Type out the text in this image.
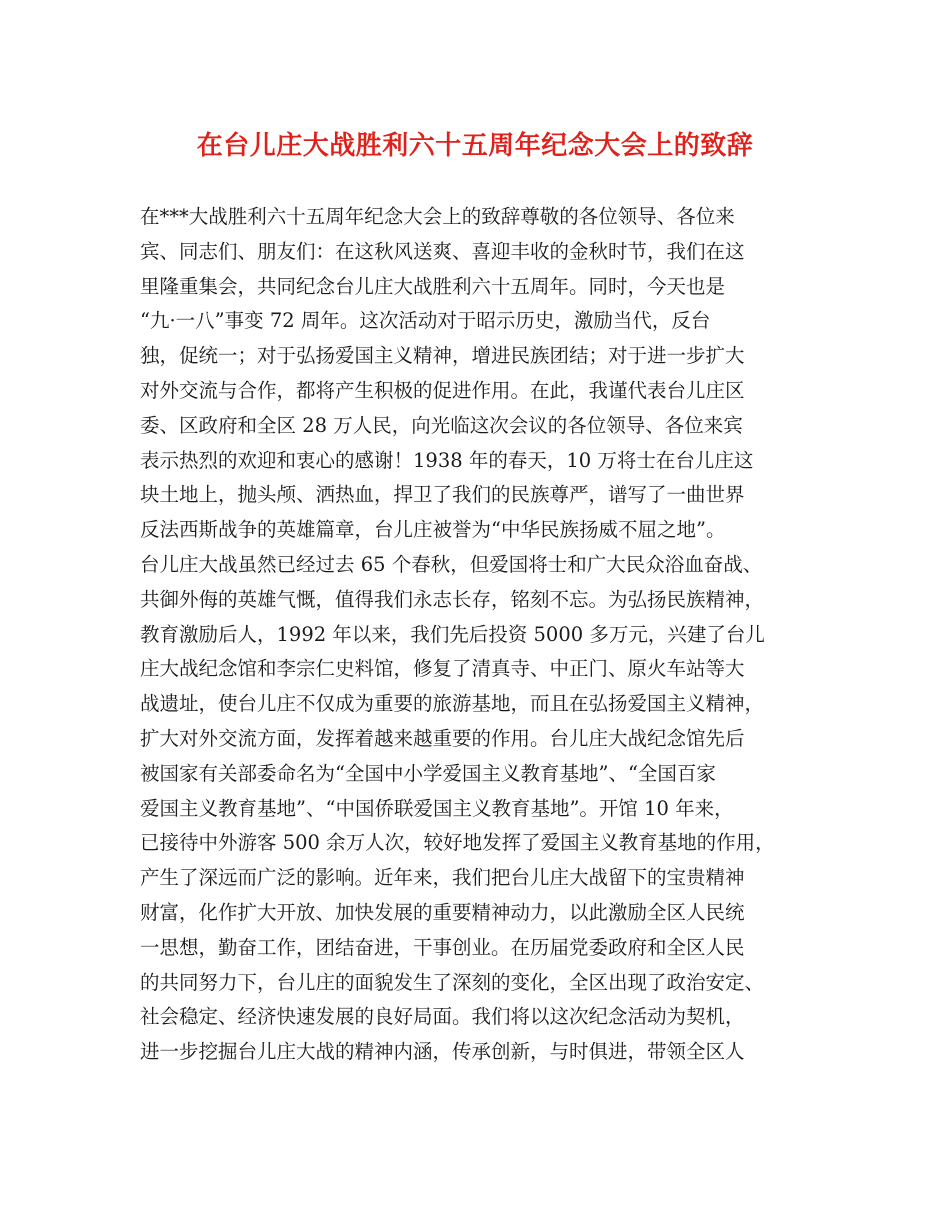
在台儿庄大战胜利六十五周年纪念大会上的致辞
在***大战胜利六十五周年纪念大会上的致辞尊敬的各位领导、各位来
宾、同志们、朋友们：在这秋风送爽、喜迎丰收的金秋时节，我们在这
里隆重集会，共同纪念台儿庄大战胜利六十五周年。同时，今天也是
“九·一八”事变 72 周年。这次活动对于昭示历史，激励当代，反台
独，促统一；对于弘扬爱国主义精神，增进民族团结；对于进一步扩大
对外交流与合作，都将产生积极的促进作用。在此，我谨代表台儿庄区
委、区政府和全区 28 万人民，向光临这次会议的各位领导、各位来宾
表示热烈的欢迎和衷心的感谢！1938 年的春天，10 万将士在台儿庄这
块土地上，抛头颅、洒热血，捍卫了我们的民族尊严，谱写了一曲世界
反法西斯战争的英雄篇章，台儿庄被誉为“中华民族扬威不屈之地”。
台儿庄大战虽然已经过去 65 个春秋，但爱国将士和广大民众浴血奋战、
共御外侮的英雄气慨，值得我们永志长存，铭刻不忘。为弘扬民族精神，
教育激励后人，1992 年以来，我们先后投资 5000 多万元，兴建了台儿
庄大战纪念馆和李宗仁史料馆，修复了清真寺、中正门、原火车站等大
战遗址，使台儿庄不仅成为重要的旅游基地，而且在弘扬爱国主义精神，
扩大对外交流方面，发挥着越来越重要的作用。台儿庄大战纪念馆先后
被国家有关部委命名为“全国中小学爱国主义教育基地”、“全国百家
爱国主义教育基地”、“中国侨联爱国主义教育基地”。开馆 10 年来，
已接待中外游客 500 余万人次，较好地发挥了爱国主义教育基地的作用，
产生了深远而广泛的影响。近年来，我们把台儿庄大战留下的宝贵精神
财富，化作扩大开放、加快发展的重要精神动力，以此激励全区人民统
一思想，勤奋工作，团结奋进，干事创业。在历届党委政府和全区人民
的共同努力下，台儿庄的面貌发生了深刻的变化，全区出现了政治安定、
社会稳定、经济快速发展的良好局面。我们将以这次纪念活动为契机，
进一步挖掘台儿庄大战的精神内涵，传承创新，与时俱进，带领全区人
